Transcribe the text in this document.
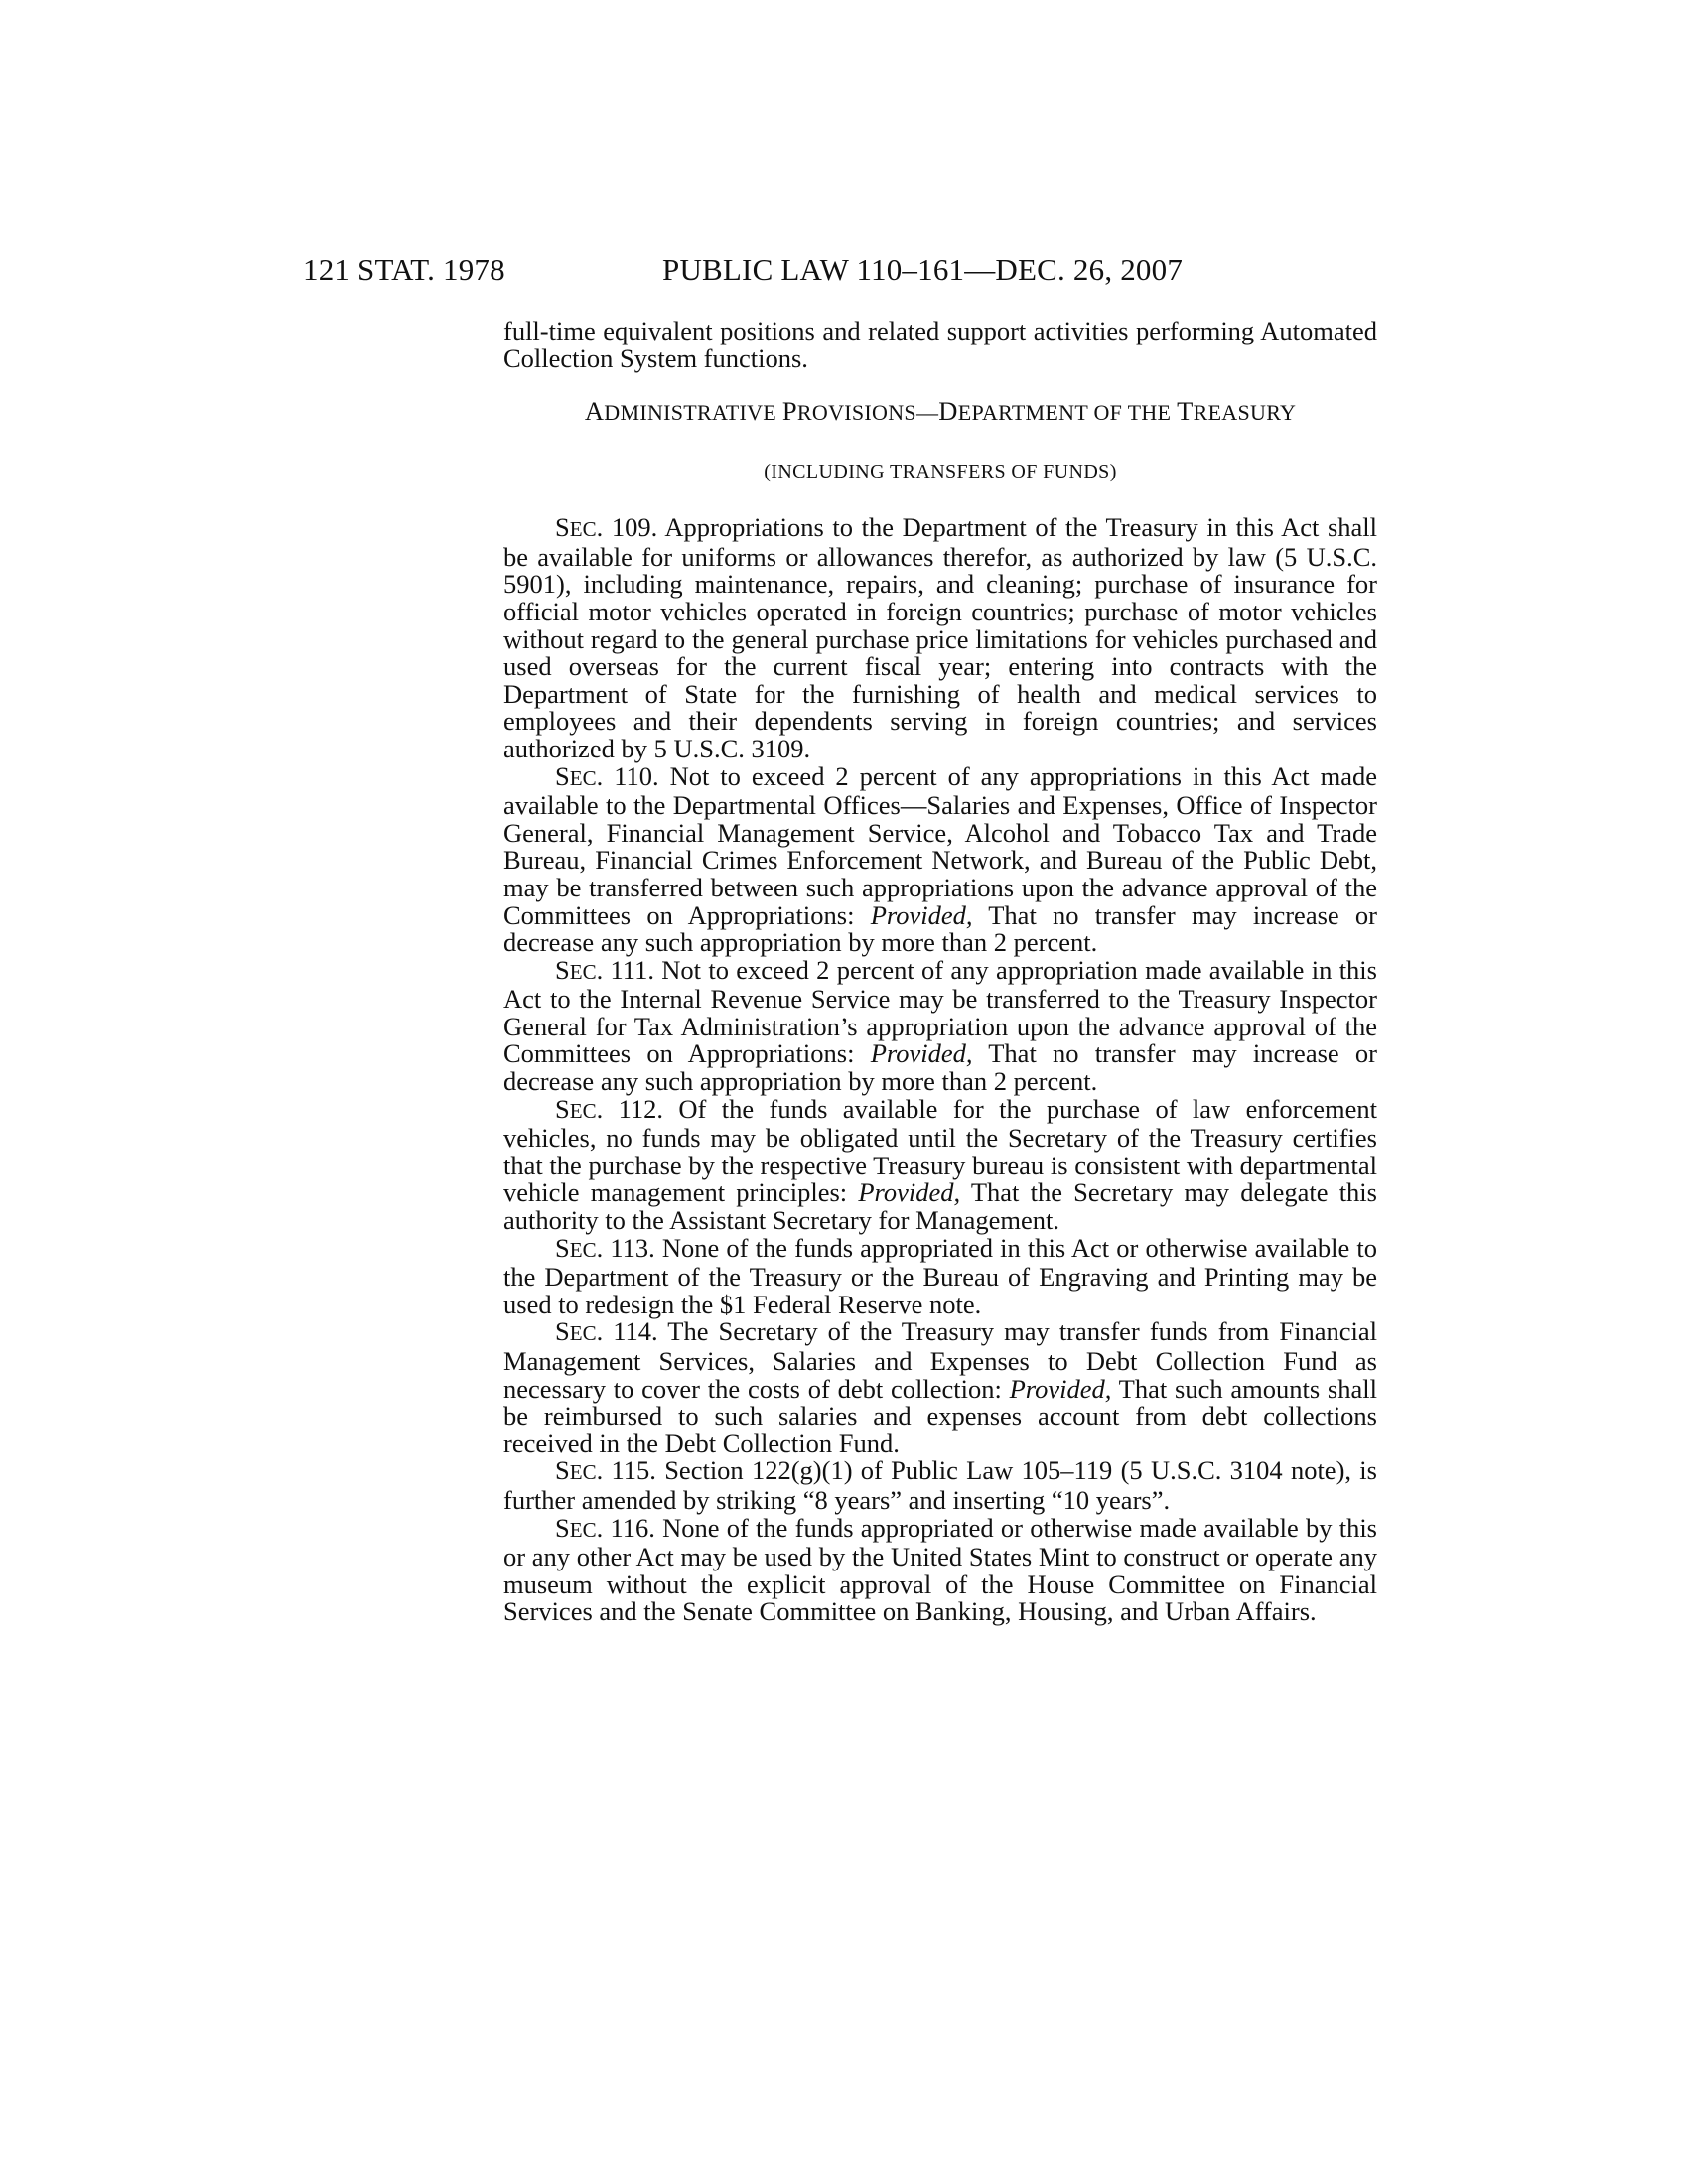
121 STAT. 1978	PUBLIC LAW 110–161—DEC. 26, 2007

full-time equivalent positions and related support activities performing Automated Collection System functions.

ADMINISTRATIVE PROVISIONS—DEPARTMENT OF THE TREASURY
(INCLUDING TRANSFERS OF FUNDS)

SEC. 109. Appropriations to the Department of the Treasury in this Act shall be available for uniforms or allowances therefor, as authorized by law (5 U.S.C. 5901), including maintenance, repairs, and cleaning; purchase of insurance for official motor vehicles operated in foreign countries; purchase of motor vehicles without regard to the general purchase price limitations for vehicles purchased and used overseas for the current fiscal year; entering into contracts with the Department of State for the furnishing of health and medical services to employees and their dependents serving in foreign countries; and services authorized by 5 U.S.C. 3109.

SEC. 110. Not to exceed 2 percent of any appropriations in this Act made available to the Departmental Offices—Salaries and Expenses, Office of Inspector General, Financial Management Service, Alcohol and Tobacco Tax and Trade Bureau, Financial Crimes Enforcement Network, and Bureau of the Public Debt, may be transferred between such appropriations upon the advance approval of the Committees on Appropriations: Provided, That no transfer may increase or decrease any such appropriation by more than 2 percent.

SEC. 111. Not to exceed 2 percent of any appropriation made available in this Act to the Internal Revenue Service may be transferred to the Treasury Inspector General for Tax Administration’s appropriation upon the advance approval of the Committees on Appropriations: Provided, That no transfer may increase or decrease any such appropriation by more than 2 percent.

SEC. 112. Of the funds available for the purchase of law enforcement vehicles, no funds may be obligated until the Secretary of the Treasury certifies that the purchase by the respective Treasury bureau is consistent with departmental vehicle management principles: Provided, That the Secretary may delegate this authority to the Assistant Secretary for Management.

SEC. 113. None of the funds appropriated in this Act or otherwise available to the Department of the Treasury or the Bureau of Engraving and Printing may be used to redesign the $1 Federal Reserve note.

SEC. 114. The Secretary of the Treasury may transfer funds from Financial Management Services, Salaries and Expenses to Debt Collection Fund as necessary to cover the costs of debt collection: Provided, That such amounts shall be reimbursed to such salaries and expenses account from debt collections received in the Debt Collection Fund.

SEC. 115. Section 122(g)(1) of Public Law 105–119 (5 U.S.C. 3104 note), is further amended by striking “8 years” and inserting “10 years”.

SEC. 116. None of the funds appropriated or otherwise made available by this or any other Act may be used by the United States Mint to construct or operate any museum without the explicit approval of the House Committee on Financial Services and the Senate Committee on Banking, Housing, and Urban Affairs.
